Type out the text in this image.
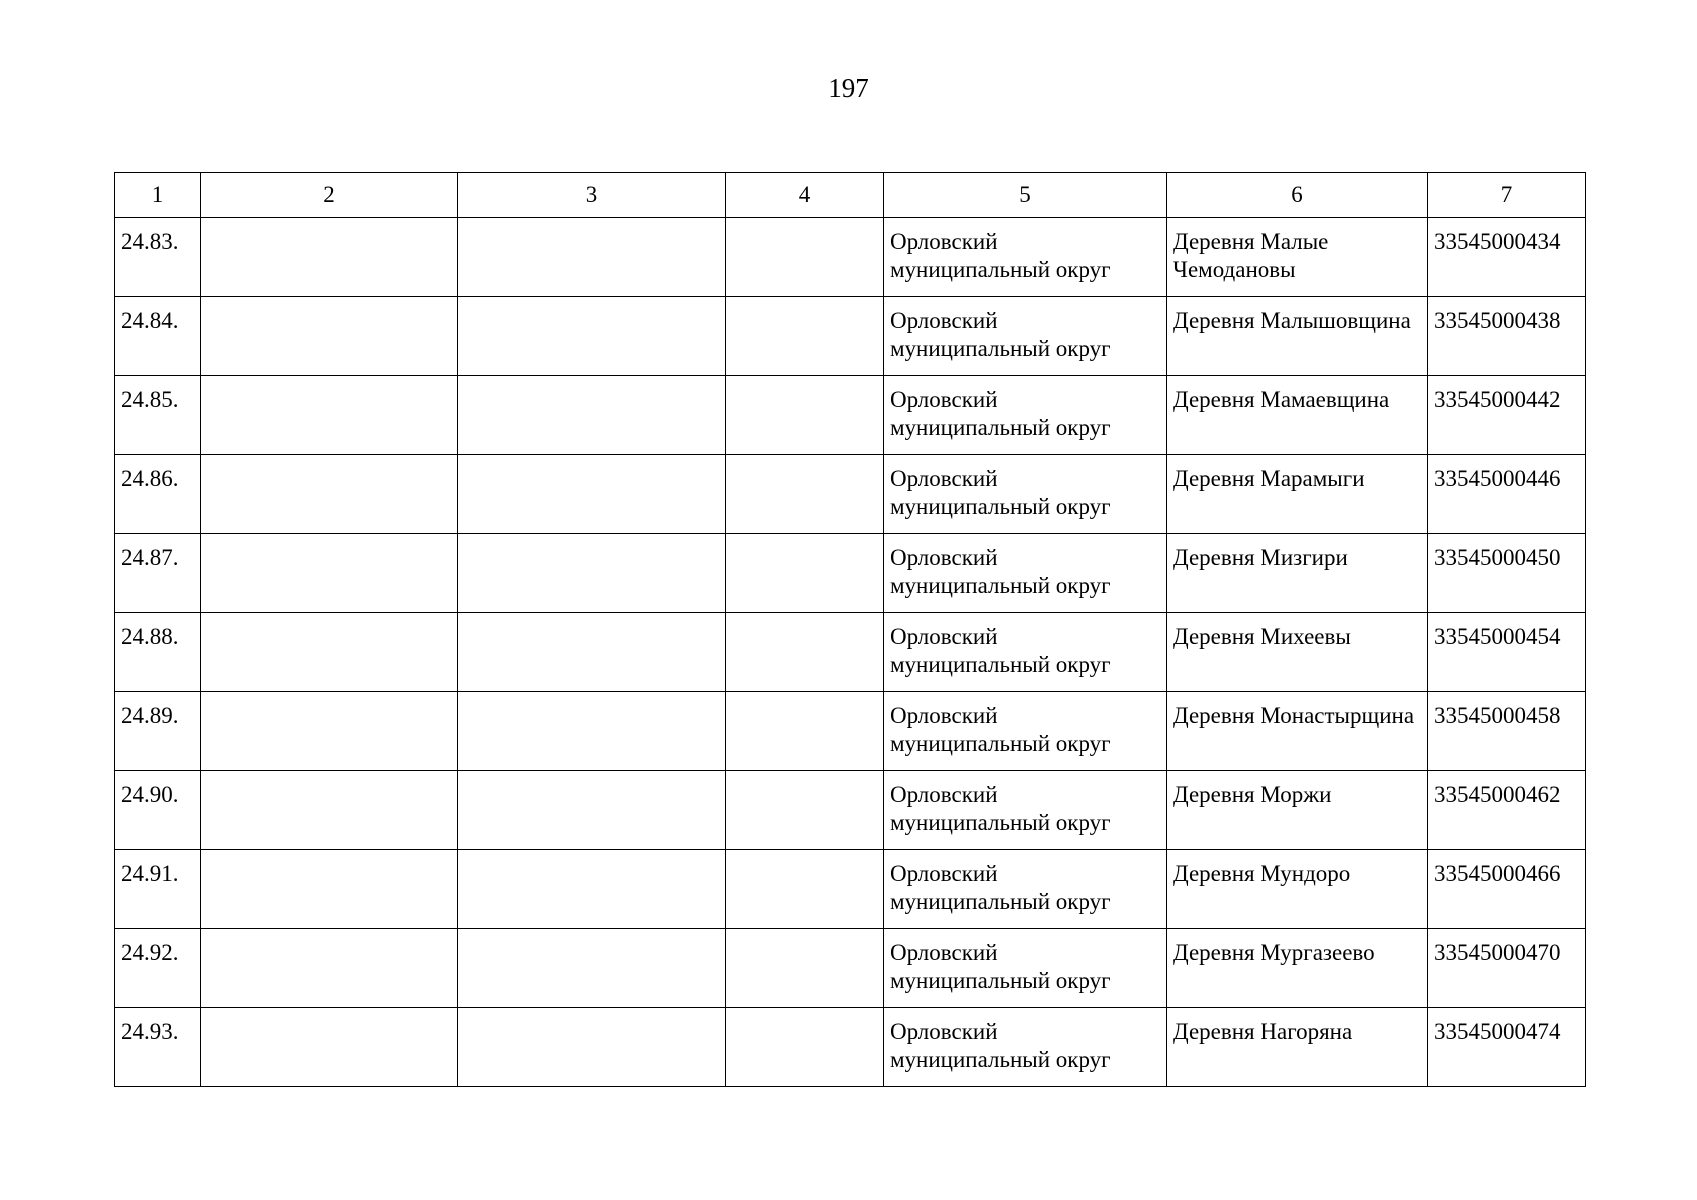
197
1	2	3	4	5	6	7
24.83.				Орловский муниципальный округ	Деревня Малые Чемодановы	33545000434
24.84.				Орловский муниципальный округ	Деревня Малышовщина	33545000438
24.85.				Орловский муниципальный округ	Деревня Мамаевщина	33545000442
24.86.				Орловский муниципальный округ	Деревня Марамыги	33545000446
24.87.				Орловский муниципальный округ	Деревня Мизгири	33545000450
24.88.				Орловский муниципальный округ	Деревня Михеевы	33545000454
24.89.				Орловский муниципальный округ	Деревня Монастырщина	33545000458
24.90.				Орловский муниципальный округ	Деревня Моржи	33545000462
24.91.				Орловский муниципальный округ	Деревня Мундоро	33545000466
24.92.				Орловский муниципальный округ	Деревня Мургазеево	33545000470
24.93.				Орловский муниципальный округ	Деревня Нагоряна	33545000474
